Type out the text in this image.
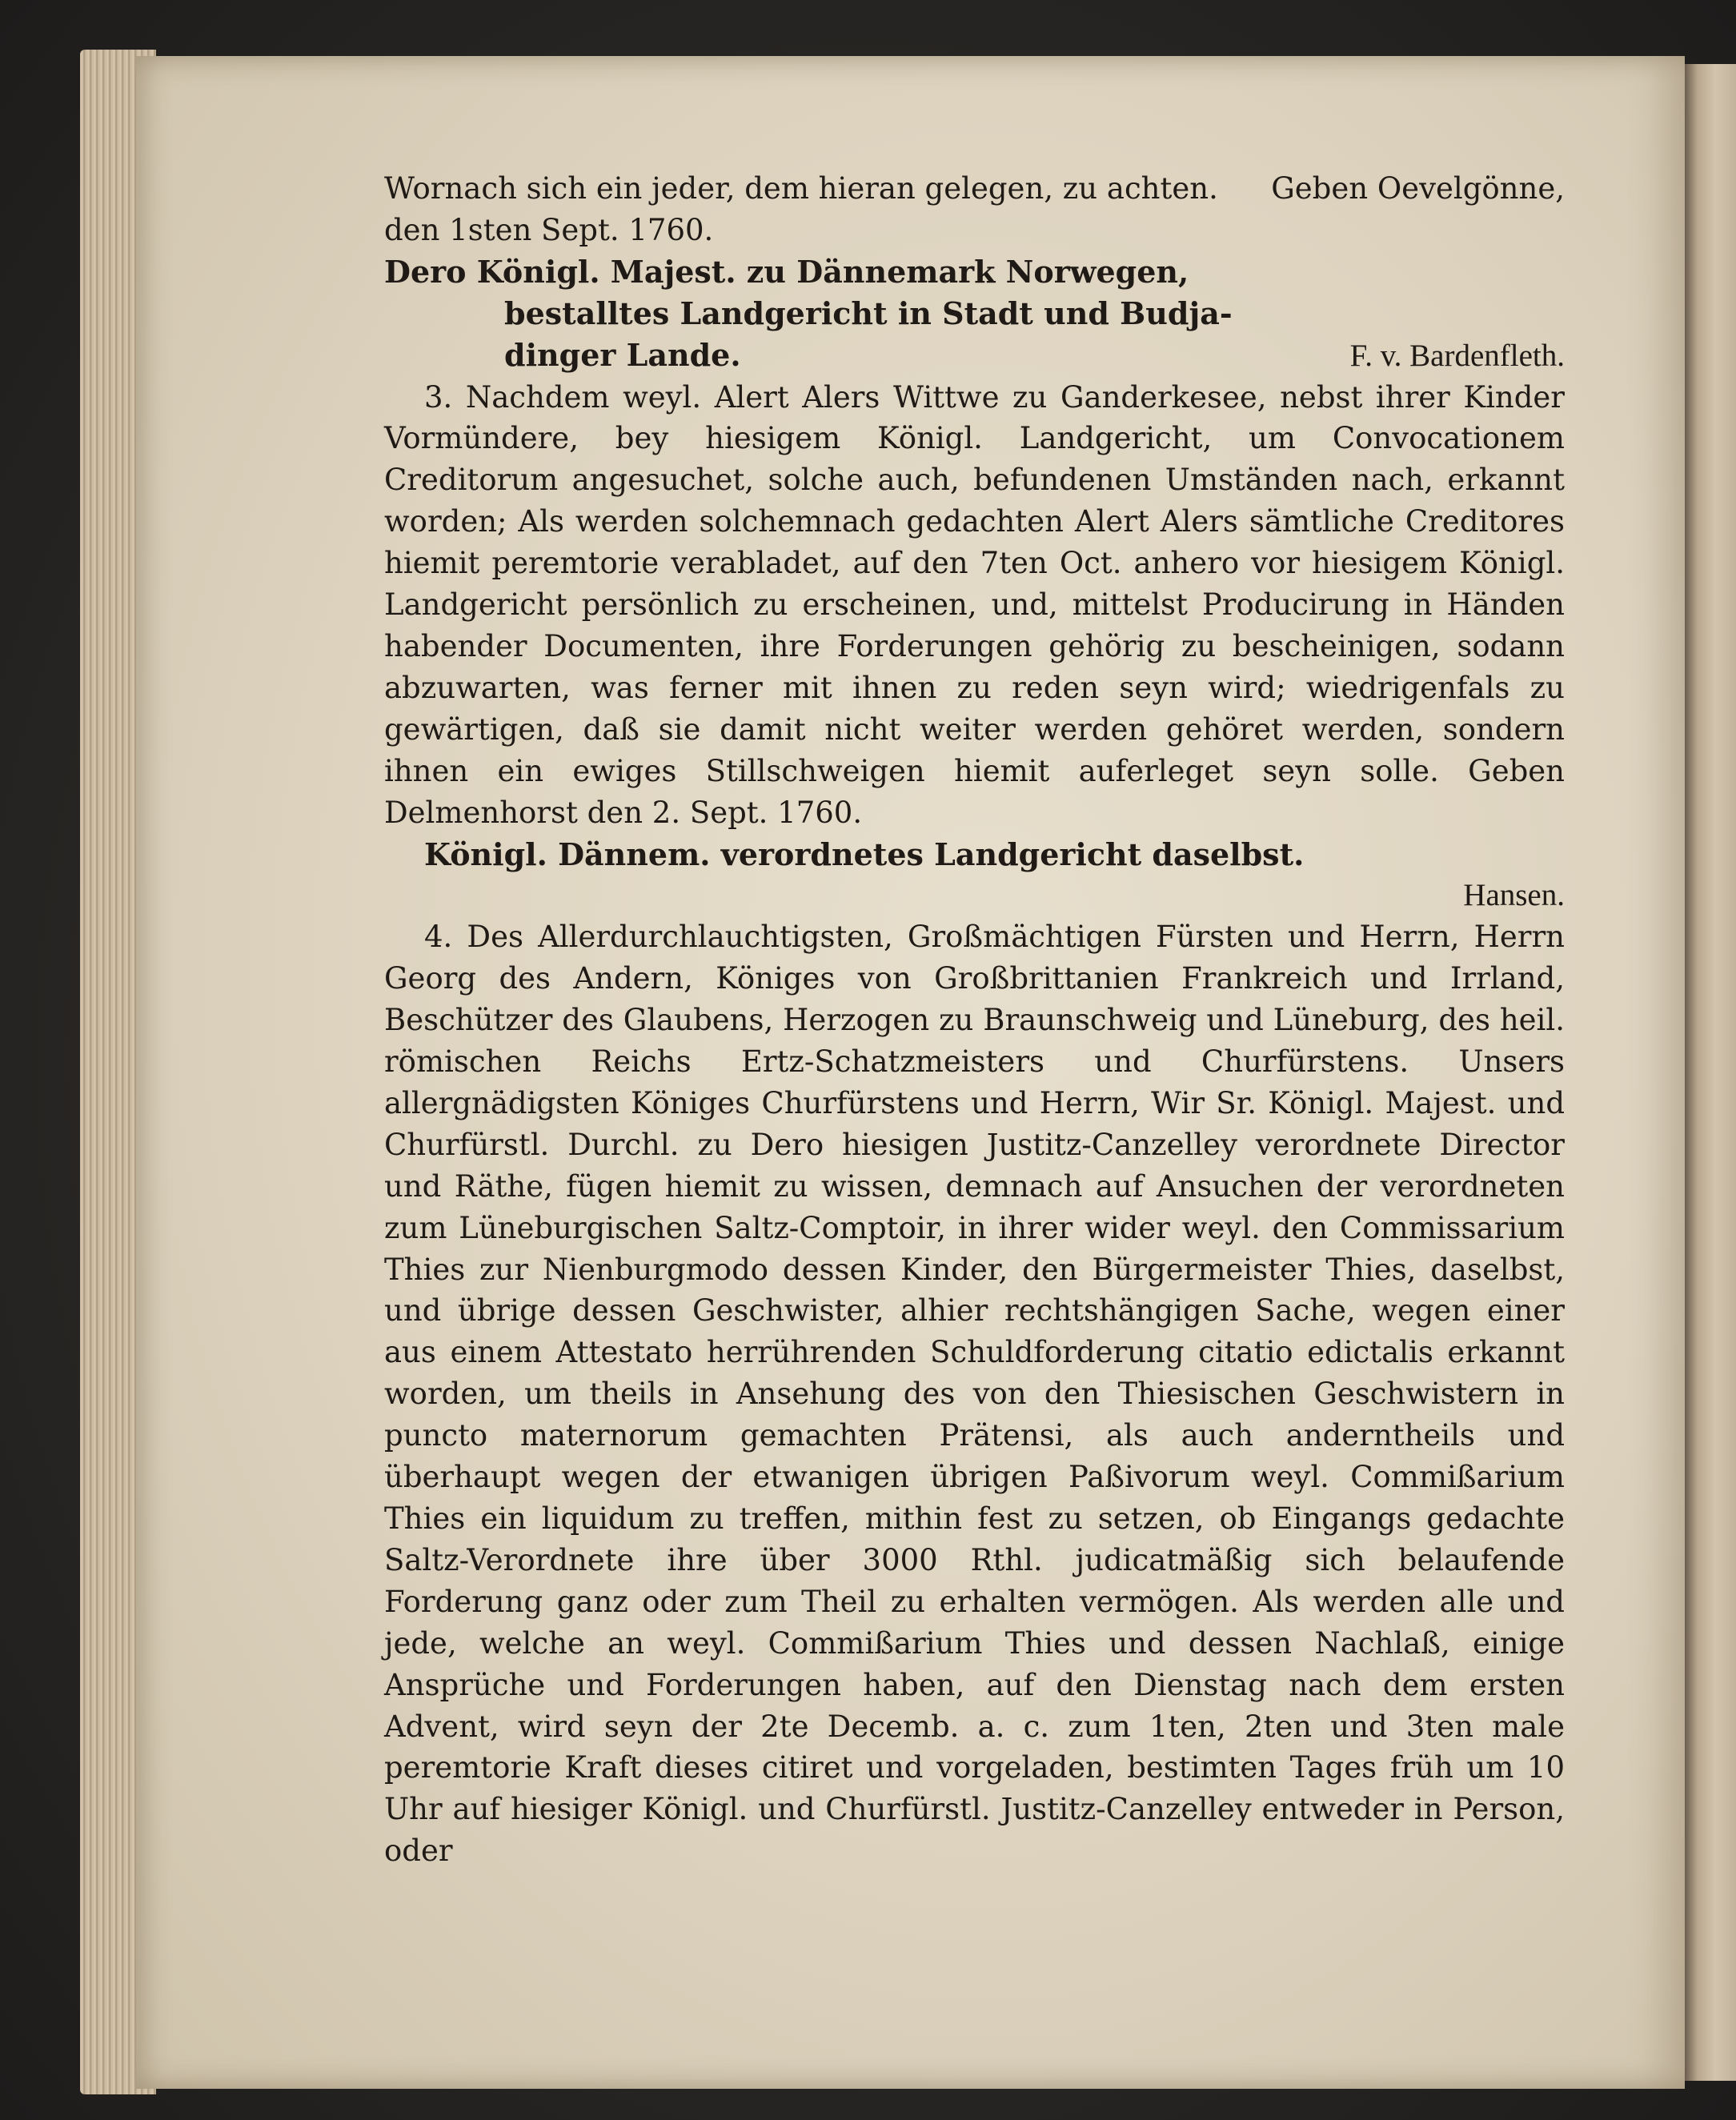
Wornach sich ein jeder, dem hieran gelegen, zu achten. Geben Oevelgönne,

den 1sten Sept. 1760.

Dero Königl. Majest. zu Dännemark Norwegen,

bestalltes Landgericht in Stadt und Budja-

dinger Lande.	F. v. Bardenfleth.

3. Nachdem weyl. Alert Alers Wittwe zu Ganderkesee, nebst ihrer Kinder Vormündere, bey hiesigem Königl. Landgericht, um Convocationem Creditorum angesuchet, solche auch, befundenen Umständen nach, erkannt worden; Als werden solchemnach gedachten Alert Alers sämtliche Creditores hiemit peremtorie verabladet, auf den 7ten Oct. anhero vor hiesigem Königl. Landgericht persönlich zu erscheinen, und, mittelst Producirung in Händen habender Documenten, ihre Forderungen gehörig zu bescheinigen, sodann abzuwarten, was ferner mit ihnen zu reden seyn wird; wiedrigenfals zu gewärtigen, daß sie damit nicht weiter werden gehöret werden, sondern ihnen ein ewiges Stillschweigen hiemit auferleget seyn solle. Geben Delmenhorst den 2. Sept. 1760.

Königl. Dännem. verordnetes Landgericht daselbst.

Hansen.

4. Des Allerdurchlauchtigsten, Großmächtigen Fürsten und Herrn, Herrn Georg des Andern, Königes von Großbrittanien Frankreich und Irrland, Beschützer des Glaubens, Herzogen zu Braunschweig und Lüneburg, des heil. römischen Reichs Ertz-Schatzmeisters und Churfürstens. Unsers allergnädigsten Königes Churfürstens und Herrn, Wir Sr. Königl. Majest. und Churfürstl. Durchl. zu Dero hiesigen Justitz-Canzelley verordnete Director und Räthe, fügen hiemit zu wissen, demnach auf Ansuchen der verordneten zum Lüneburgischen Saltz-Comptoir, in ihrer wider weyl. den Commissarium Thies zur Nienburgmodo dessen Kinder, den Bürgermeister Thies, daselbst, und übrige dessen Geschwister, alhier rechtshängigen Sache, wegen einer aus einem Attestato herrührenden Schuldforderung citatio edictalis erkannt worden, um theils in Ansehung des von den Thiesischen Geschwistern in puncto maternorum gemachten Prätensi, als auch anderntheils und überhaupt wegen der etwanigen übrigen Paßivorum weyl. Commißarium Thies ein liquidum zu treffen, mithin fest zu setzen, ob Eingangs gedachte Saltz-Verordnete ihre über 3000 Rthl. judicatmäßig sich belaufende Forderung ganz oder zum Theil zu erhalten vermögen. Als werden alle und jede, welche an weyl. Commißarium Thies und dessen Nachlaß, einige Ansprüche und Forderungen haben, auf den Dienstag nach dem ersten Advent, wird seyn der 2te Decemb. a. c. zum 1ten, 2ten und 3ten male peremtorie Kraft dieses citiret und vorgeladen, bestimten Tages früh um 10 Uhr auf hiesiger Königl. und Churfürstl. Justitz-Canzelley entweder in Person, oder
